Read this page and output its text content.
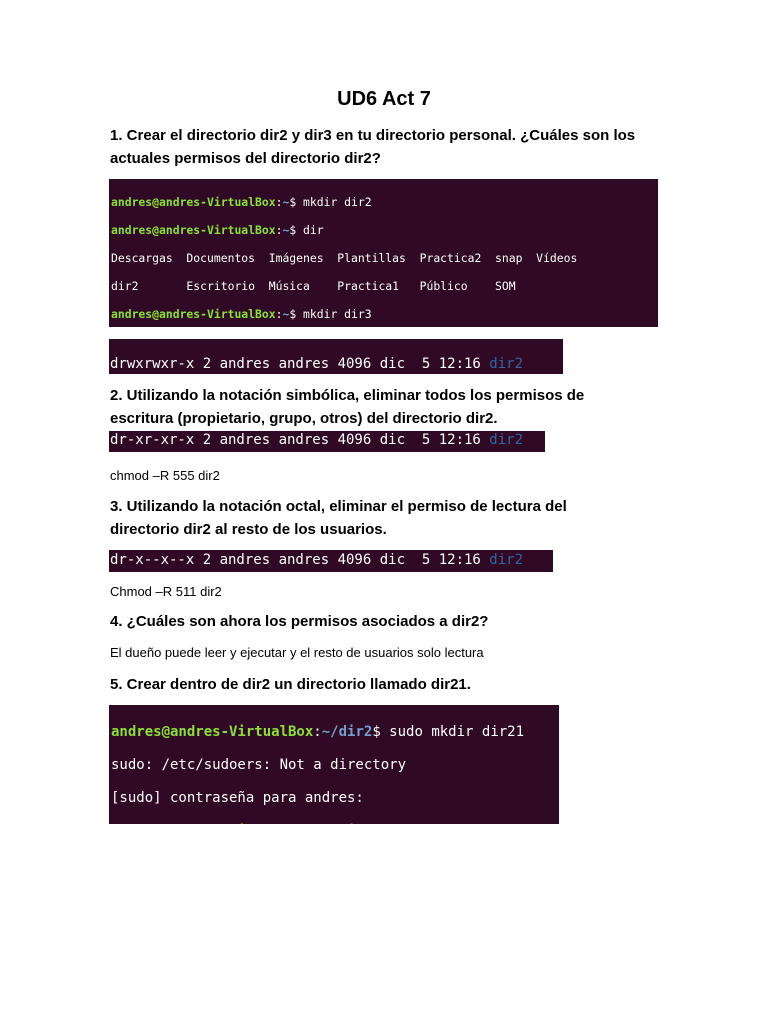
UD6 Act 7
1. Crear el directorio dir2 y dir3 en tu directorio personal. ¿Cuáles son los
actuales permisos del directorio dir2?

andres@andres-VirtualBox:~$ mkdir dir2

andres@andres-VirtualBox:~$ dir

Descargas  Documentos  Imágenes  Plantillas  Practica2  snap  Vídeos

dir2       Escritorio  Música    Practica1   Público    SOM

andres@andres-VirtualBox:~$ mkdir dir3

drwxrwxr-x 2 andres andres 4096 dic  5 12:16 dir2

2. Utilizando la notación simbólica, eliminar todos los permisos de
escritura (propietario, grupo, otros) del directorio dir2.
dr-xr-xr-x 2 andres andres 4096 dic  5 12:16 dir2
chmod –R 555 dir2
3. Utilizando la notación octal, eliminar el permiso de lectura del
directorio dir2 al resto de los usuarios.
dr-x--x--x 2 andres andres 4096 dic  5 12:16 dir2
Chmod –R 511 dir2
4. ¿Cuáles son ahora los permisos asociados a dir2?
El dueño puede leer y ejecutar y el resto de usuarios solo lectura
5. Crear dentro de dir2 un directorio llamado dir21.

andres@andres-VirtualBox:~/dir2$ sudo mkdir dir21

sudo: /etc/sudoers: Not a directory

[sudo] contraseña para andres:
